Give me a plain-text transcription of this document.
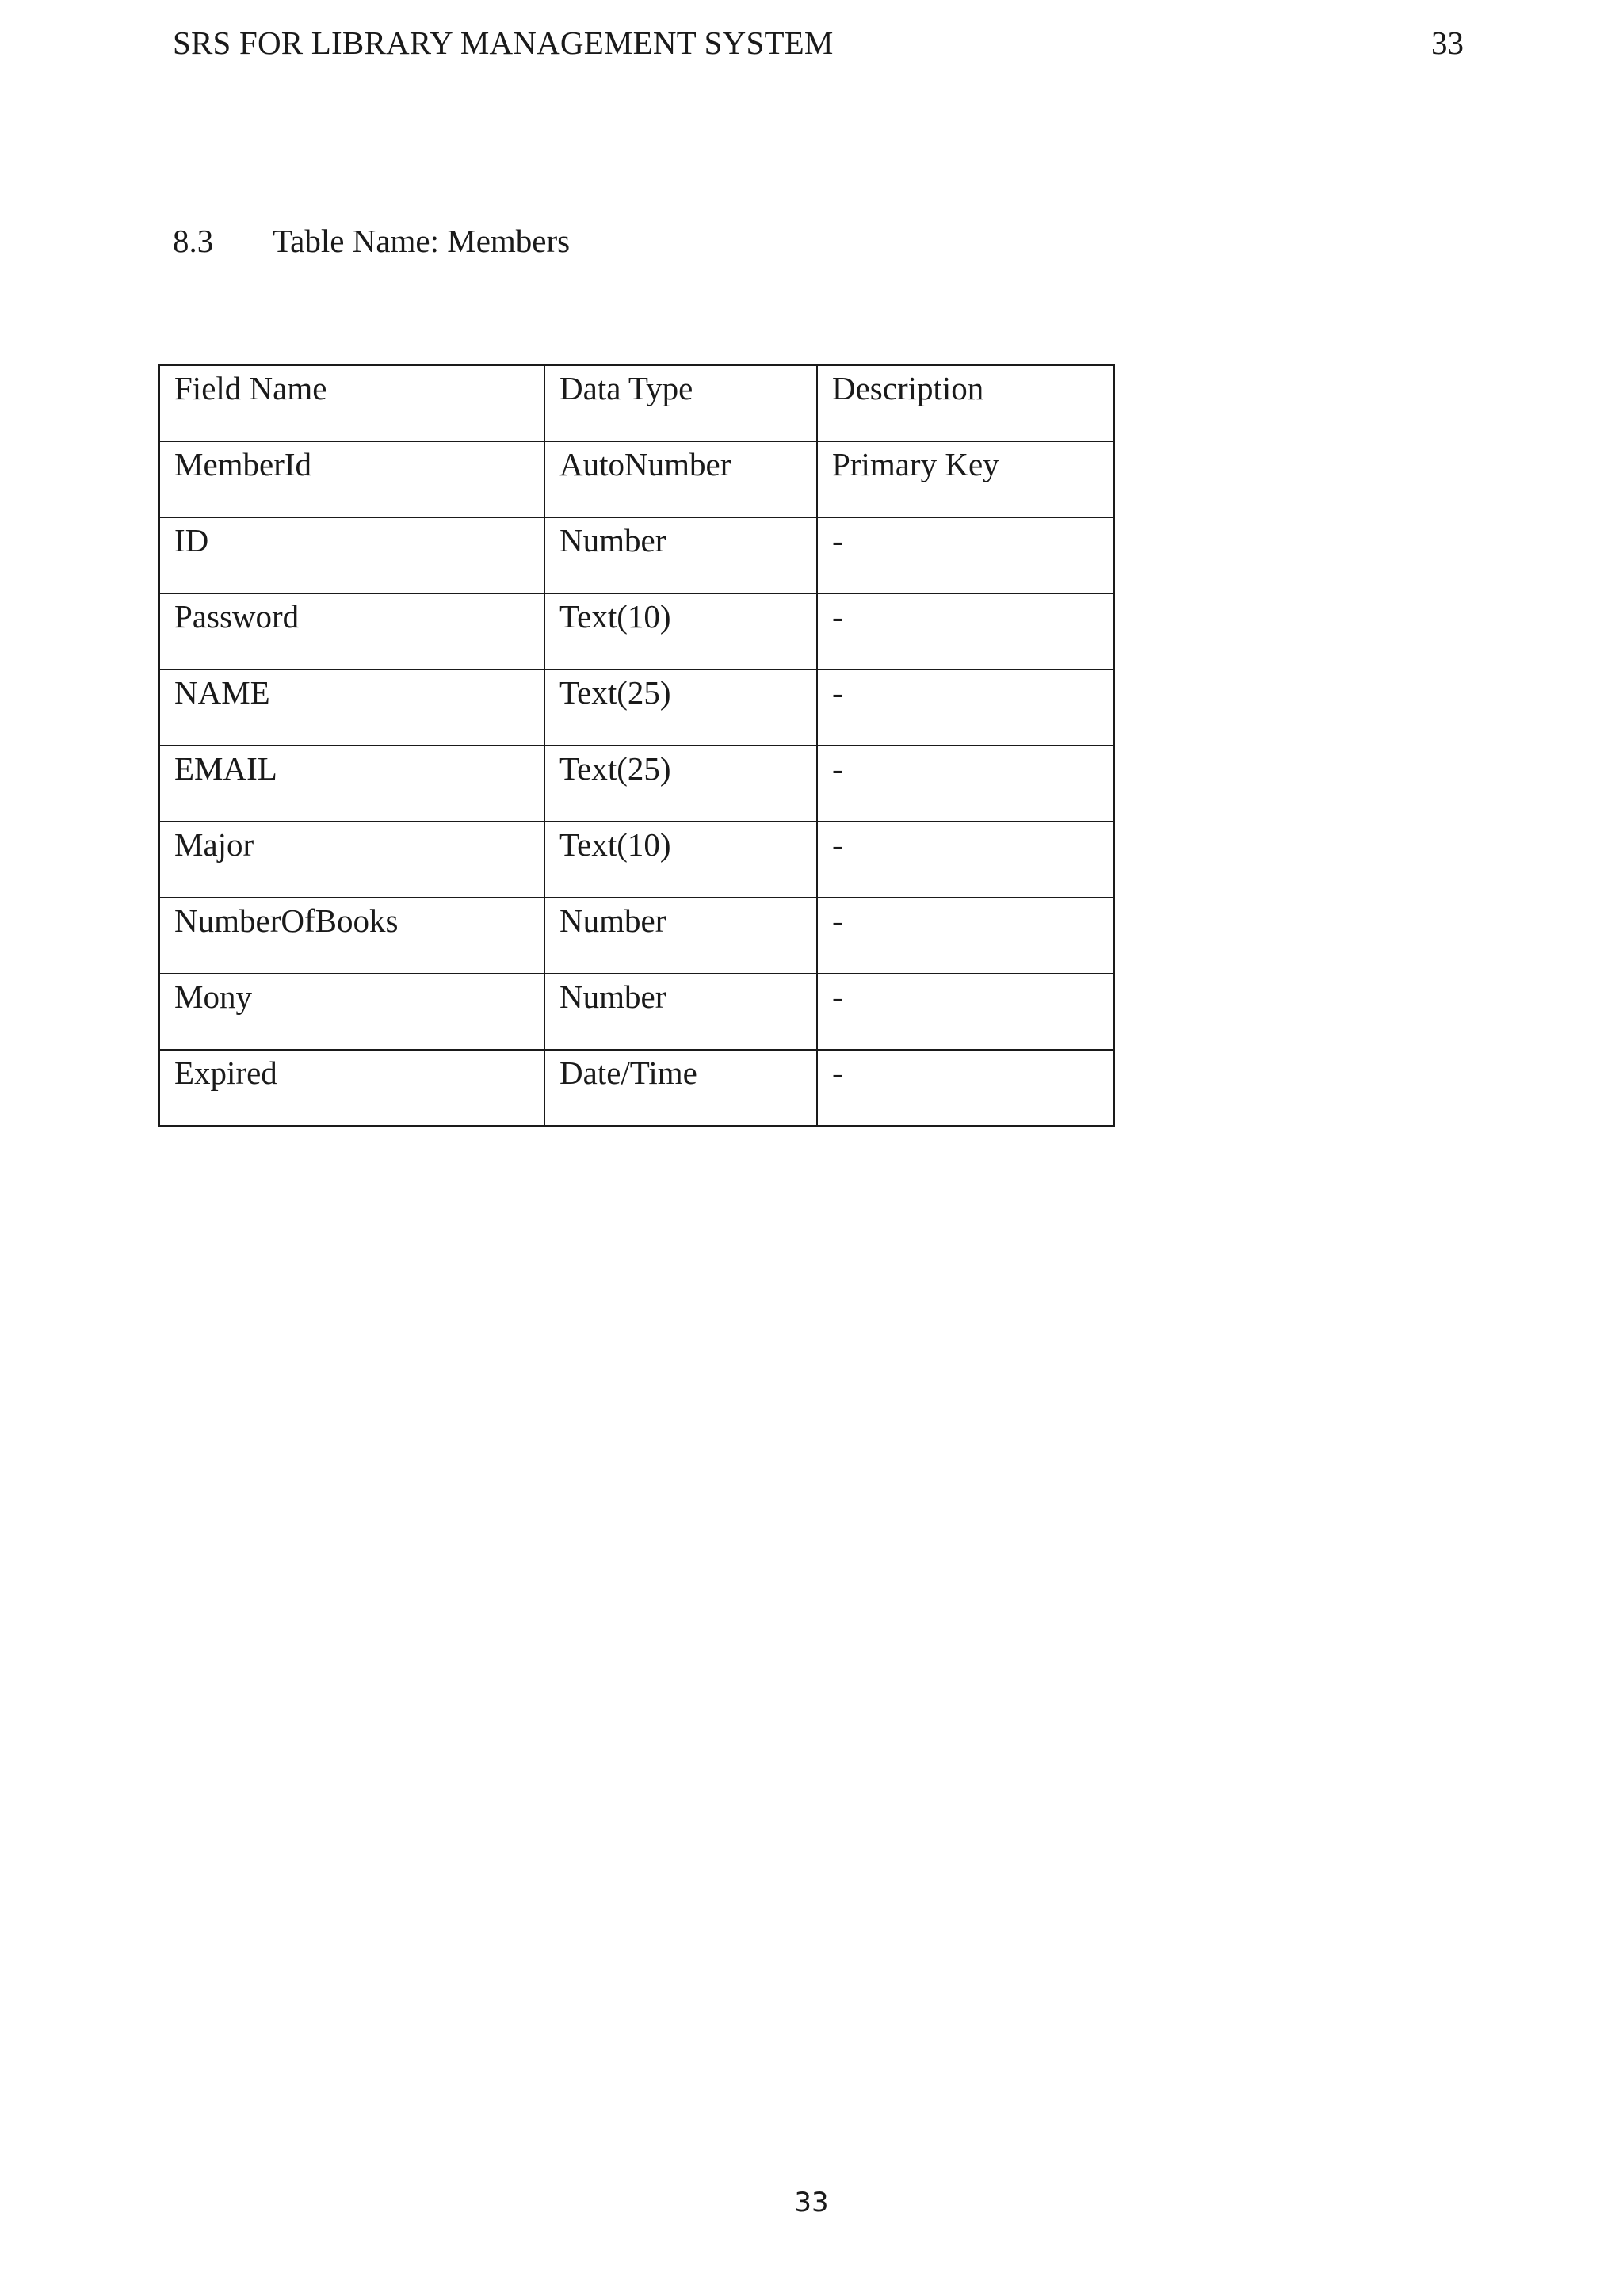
SRS FOR LIBRARY MANAGEMENT SYSTEM	33
8.3 Table Name: Members
Field Name	Data Type	Description
MemberId	AutoNumber	Primary Key
ID	Number	-
Password	Text(10)	-
NAME	Text(25)	-
EMAIL	Text(25)	-
Major	Text(10)	-
NumberOfBooks	Number	-
Mony	Number	-
Expired	Date/Time	-
33
